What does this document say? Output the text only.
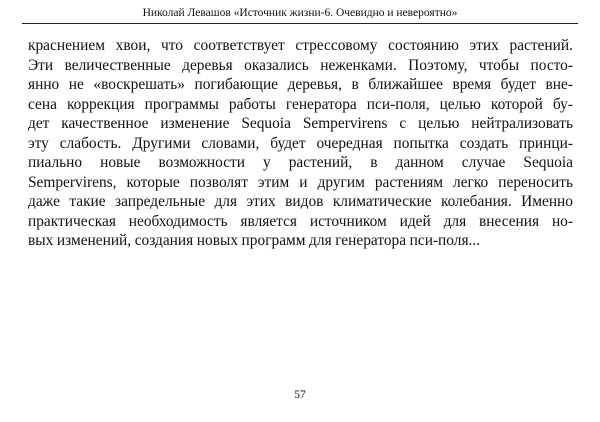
Николай Левашов «Источник жизни-6. Очевидно и невероятно»
краснением хвои, что соответствует стрессовому состоянию этих растений.
Эти величественные деревья оказались неженками. Поэтому, чтобы посто-
янно не «воскрешать» погибающие деревья, в ближайшее время будет вне-
сена коррекция программы работы генератора пси-поля, целью которой бу-
дет качественное изменение Sequoia Sempervirens с целью нейтрализовать
эту слабость. Другими словами, будет очередная попытка создать принци-
пиально новые возможности у растений, в данном случае Sequoia
Sempervirens, которые позволят этим и другим растениям легко переносить
даже такие запредельные для этих видов климатические колебания. Именно
практическая необходимость является источником идей для внесения но-
вых изменений, создания новых программ для генератора пси-поля...
57
